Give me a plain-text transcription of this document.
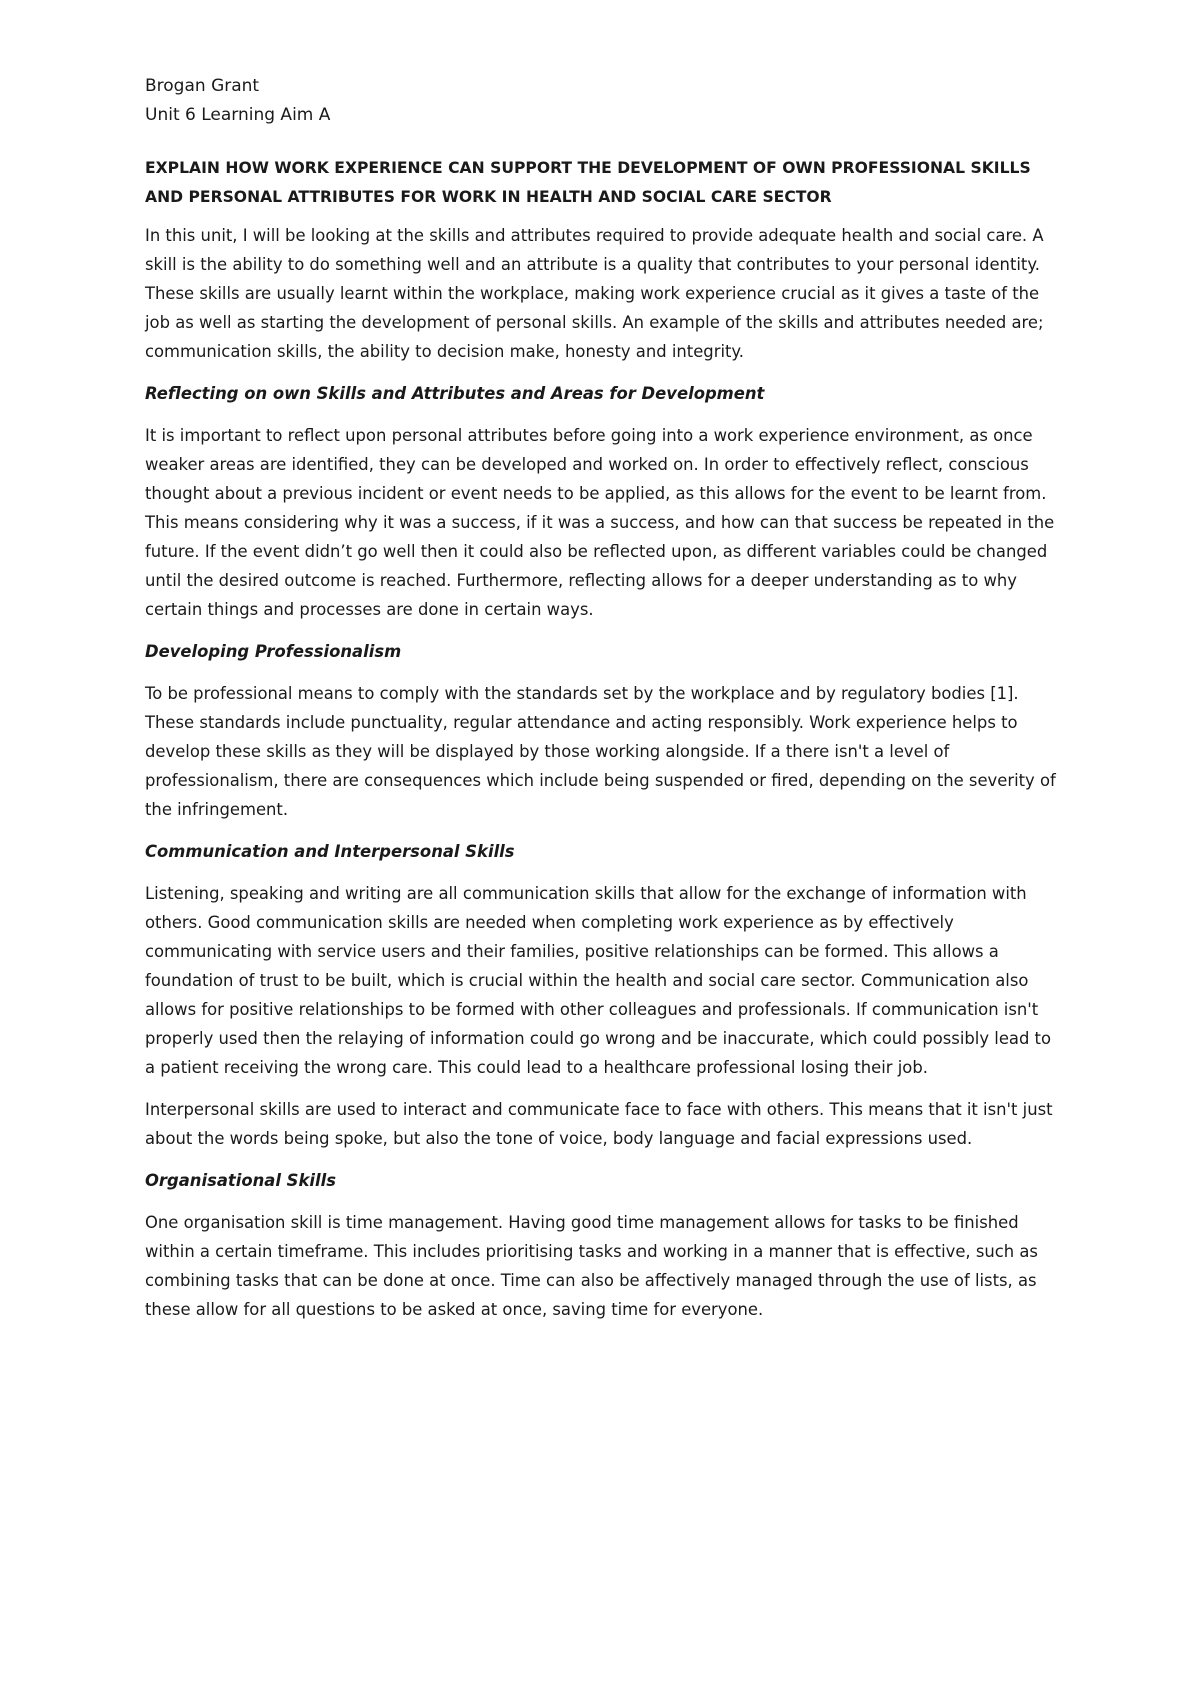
Brogan Grant

Unit 6 Learning Aim A

EXPLAIN HOW WORK EXPERIENCE CAN SUPPORT THE DEVELOPMENT OF OWN PROFESSIONAL SKILLS AND PERSONAL ATTRIBUTES FOR WORK IN HEALTH AND SOCIAL CARE SECTOR

In this unit, I will be looking at the skills and attributes required to provide adequate health and social care. A skill is the ability to do something well and an attribute is a quality that contributes to your personal identity. These skills are usually learnt within the workplace, making work experience crucial as it gives a taste of the job as well as starting the development of personal skills. An example of the skills and attributes needed are; communication skills, the ability to decision make, honesty and integrity.

Reflecting on own Skills and Attributes and Areas for Development

It is important to reflect upon personal attributes before going into a work experience environment, as once weaker areas are identified, they can be developed and worked on. In order to effectively reflect, conscious thought about a previous incident or event needs to be applied, as this allows for the event to be learnt from. This means considering why it was a success, if it was a success, and how can that success be repeated in the future. If the event didn’t go well then it could also be reflected upon, as different variables could be changed until the desired outcome is reached. Furthermore, reflecting allows for a deeper understanding as to why certain things and processes are done in certain ways.

Developing Professionalism

To be professional means to comply with the standards set by the workplace and by regulatory bodies [1]. These standards include punctuality, regular attendance and acting responsibly. Work experience helps to develop these skills as they will be displayed by those working alongside. If a there isn't a level of professionalism, there are consequences which include being suspended or fired, depending on the severity of the infringement.

Communication and Interpersonal Skills

Listening, speaking and writing are all communication skills that allow for the exchange of information with others. Good communication skills are needed when completing work experience as by effectively communicating with service users and their families, positive relationships can be formed. This allows a foundation of trust to be built, which is crucial within the health and social care sector. Communication also allows for positive relationships to be formed with other colleagues and professionals. If communication isn't properly used then the relaying of information could go wrong and be inaccurate, which could possibly lead to a patient receiving the wrong care. This could lead to a healthcare professional losing their job.

Interpersonal skills are used to interact and communicate face to face with others. This means that it isn't just about the words being spoke, but also the tone of voice, body language and facial expressions used.

Organisational Skills

One organisation skill is time management. Having good time management allows for tasks to be finished within a certain timeframe. This includes prioritising tasks and working in a manner that is effective, such as combining tasks that can be done at once. Time can also be affectively managed through the use of lists, as these allow for all questions to be asked at once, saving time for everyone.
